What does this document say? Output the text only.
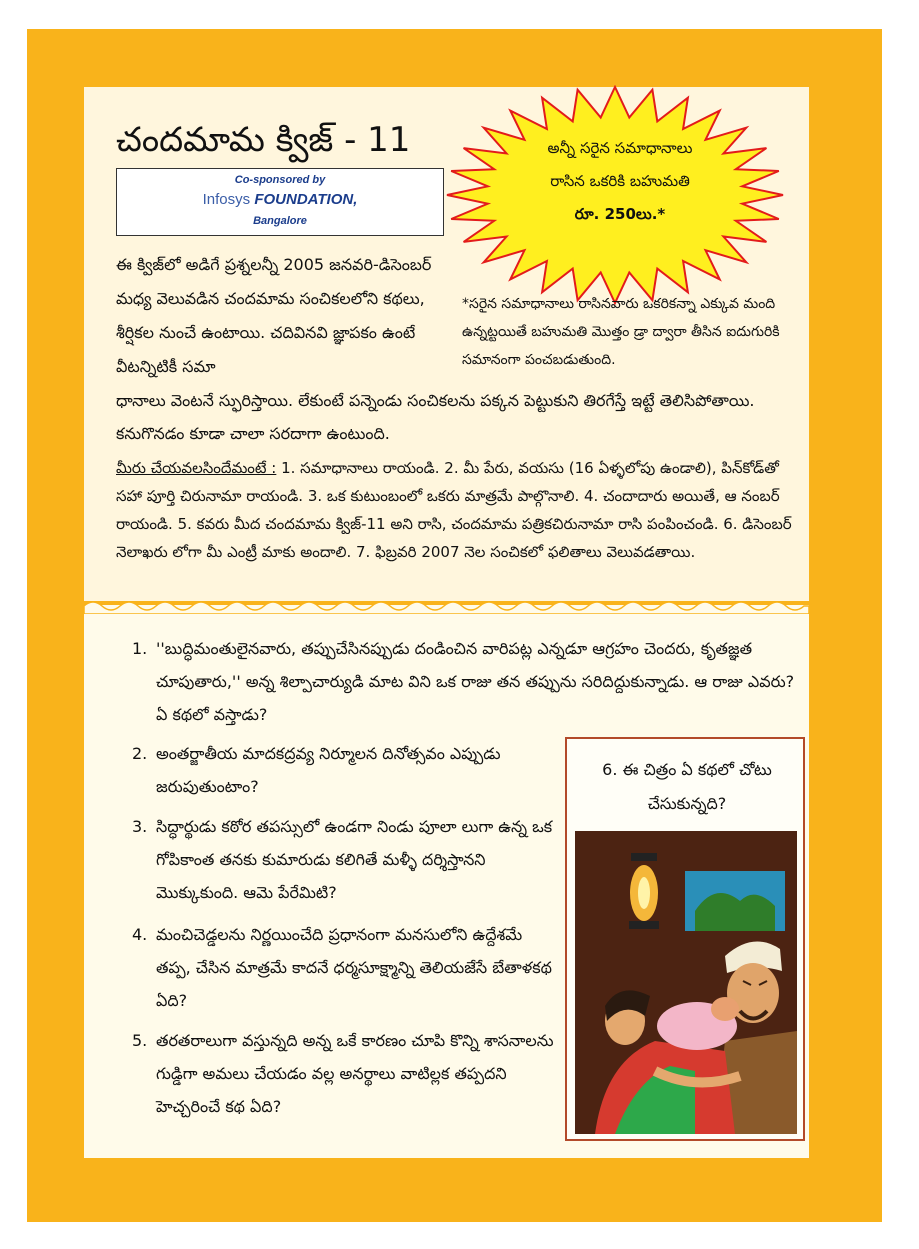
చందమామ క్విజ్ - 11
Co-sponsored by
Infosys FOUNDATION,
Bangalore
అన్నీ సరైన సమాధానాలు
రాసిన ఒకరికి బహుమతి
రూ. 250లు.*
ఈ క్విజ్‌లో అడిగే ప్రశ్నలన్నీ 2005 జనవరి-డిసెంబర్ మధ్య వెలువడిన చందమామ సంచికలలోని కథలు, శీర్షికల నుంచే ఉంటాయి. చదివినవి జ్ఞాపకం ఉంటే వీటన్నిటికీ సమా
*సరైన సమాధానాలు రాసినవారు ఒకరికన్నా ఎక్కువ మంది ఉన్నట్టయితే బహుమతి మొత్తం డ్రా ద్వారా తీసిన ఐదుగురికి సమానంగా పంచబడుతుంది.
ధానాలు వెంటనే స్ఫురిస్తాయి. లేకుంటే పన్నెండు సంచికలను పక్కన పెట్టుకుని తిరగేస్తే ఇట్టే తెలిసిపోతాయి. కనుగొనడం కూడా చాలా సరదాగా ఉంటుంది.
మీరు చేయవలసిందేమంటే : 1. సమాధానాలు రాయండి. 2. మీ పేరు, వయసు (16 ఏళ్ళలోపు ఉండాలి), పిన్‌కోడ్‌తో సహా పూర్తి చిరునామా రాయండి. 3. ఒక కుటుంబంలో ఒకరు మాత్రమే పాల్గొనాలి. 4. చందాదారు అయితే, ఆ నంబర్ రాయండి. 5. కవరు మీద చందమామ క్విజ్-11 అని రాసి, చందమామ పత్రికచిరునామా రాసి పంపించండి. 6. డిసెంబర్ నెలాఖరు లోగా మీ ఎంట్రీ మాకు అందాలి. 7. ఫిబ్రవరి 2007 నెల సంచికలో ఫలితాలు వెలువడతాయి.
1. ''బుద్ధిమంతులైనవారు, తప్పుచేసినప్పుడు దండించిన వారిపట్ల ఎన్నడూ ఆగ్రహం చెందరు, కృతజ్ఞత చూపుతారు,'' అన్న శిల్పాచార్యుడి మాట విని ఒక రాజు తన తప్పును సరిదిద్దుకున్నాడు. ఆ రాజు ఎవరు? ఏ కథలో వస్తాడు?
2. అంతర్జాతీయ మాదకద్రవ్య నిర్మూలన దినోత్సవం ఎప్పుడు జరుపుతుంటాం?
3. సిద్ధార్థుడు కఠోర తపస్సులో ఉండగా నిండు పూలా లుగా ఉన్న ఒక గోపికాంత తనకు కుమారుడు కలిగితే మళ్ళీ దర్శిస్తానని మొక్కుకుంది. ఆమె పేరేమిటి?
4. మంచిచెడ్డలను నిర్ణయించేది ప్రధానంగా మనసులోని ఉద్దేశమే తప్ప, చేసిన మాత్రమే కాదనే ధర్మసూక్ష్మాన్ని తెలియజేసే బేతాళకథ ఏది?
5. తరతరాలుగా వస్తున్నది అన్న ఒకే కారణం చూపి కొన్ని శాసనాలను గుడ్డిగా అమలు చేయడం వల్ల అనర్థాలు వాటిల్లక తప్పదని హెచ్చరించే కథ ఏది?
6. ఈ చిత్రం ఏ కథలో చోటు చేసుకున్నది?
